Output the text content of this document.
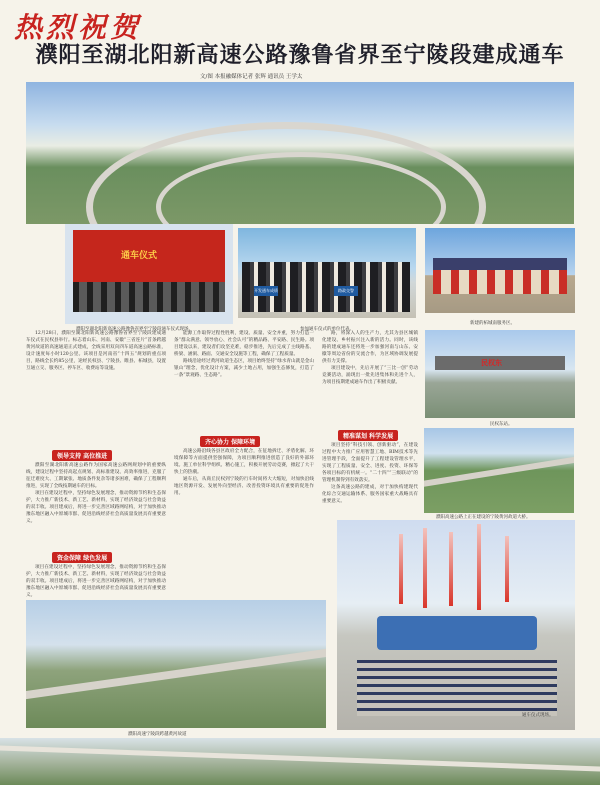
热烈祝贺
濮阳至湖北阳新高速公路豫鲁省界至宁陵段建成通车
文/图 本报融媒体记者 张辉 通讯员 王学太
通车仪式
濮阳至湖北阳新高速公路豫鲁省界至宁陵段通车仪式现场。
开发通车成绩	路政交警
参加通车仪式的单位代表。
新建的柘城南服务区。
民权东
民权东站。
濮阳高速公路上正在建设的宁陵黄河故道大桥。
通车仪式现场。
濮阳高速宁陵段跨越黄河故道

12月28日，濮阳至湖北阳新高速公路豫鲁省界至宁陵段建成通车仪式在民权县举行。标志着山东、河南、安徽“三省连片”首条跨越黄河故道的高速通道正式建成，全线采用双向四车道高速公路标准，设计速度每小时120公里。该项目是河南省“十四五”规划的重点项目，路线全长约85公里，途经民权县、宁陵县、睢县、柘城县，设置互通立交、服务区、停车区、收费站等设施。

领导支持 高位推进

濮阳至湖北阳新高速公路作为国家高速公路网规划中的重要纵线，建设过程中坚持高起点规划、高标准建设、高效率推进，克服了征迁难度大、工期紧张、地质条件复杂等诸多困难，确保了工程顺利推进，实现了全线按期通车的目标。

项目在建设过程中，坚持绿色发展理念，推动资源节约和生态保护，大力推广新技术、新工艺、新材料，实现了经济效益与社会效益的双丰收。项目建成后，将进一步完善区域路网结构，对于加快推动豫东地区融入中原城市群、促进沿线经济社会高质量发展具有重要意义。

资金保障 绿色发展

项目在建设过程中，坚持绿色发展理念，推动资源节约和生态保护，大力推广新技术、新工艺、新材料，实现了经济效益与社会效益的双丰收。项目建成后，将进一步完善区域路网结构，对于加快推动豫东地区融入中原城市群、促进沿线经济社会高质量发展具有重要意义。

能源工作取得过程性胜利，建设、质量、安全并重，努力打造一条“群众满意、领导放心、社会认可”的精品路、平安路、民生路。项目建设以来，建设者们攻坚克难，稳步推进，先后完成了主线路基、桥梁、涵洞、路面、交通安全设施等工程，确保了工程质量。

路线沿途经过黄河故道生态区，项目始终坚持“绿水青山就是金山银山”理念，优化设计方案，减少土地占用，加强生态修复，打造了一条“景观路、生态路”。

齐心协力 保障环境

高速公路沿线各县区政府全力配合，在征地拆迁、矛盾化解、环境保障等方面提供坚强保障，为项目顺利推进创造了良好的外部环境。施工单位科学组织、精心施工，积极开展劳动竞赛，掀起了大干快上的热潮。

通车后，从商丘民权到宁陵的行车时间将大大缩短，对加快沿线地区资源开发、发展外向型经济、改善投资环境具有重要的促进作用。

路，将深入人的生产力，尤其为县区城镇化建设、乡村振兴注入新的活力。同时，该线路的建成通车还将进一步加强河南与山东、安徽等周边省份的交流合作，为区域协调发展提供有力支撑。

项目建设中，先后开展了“三比一创”劳动竞赛活动，涌现出一批先进集体和先进个人，为项目按期建成通车作出了积极贡献。

精准谋划 科学发展

项目坚持“科技引领、创新驱动”，在建设过程中大力推广应用智慧工地、BIM技术等先进管理手段，全面提升了工程建设管理水平，实现了工程质量、安全、进度、投资、环保等各项目标的有机统一。“二十四”“三级联动”的管理机制得到有效落实。

这条高速公路的建成，对于加快构建现代化综合交通运输体系、服务国家重大战略具有重要意义。
